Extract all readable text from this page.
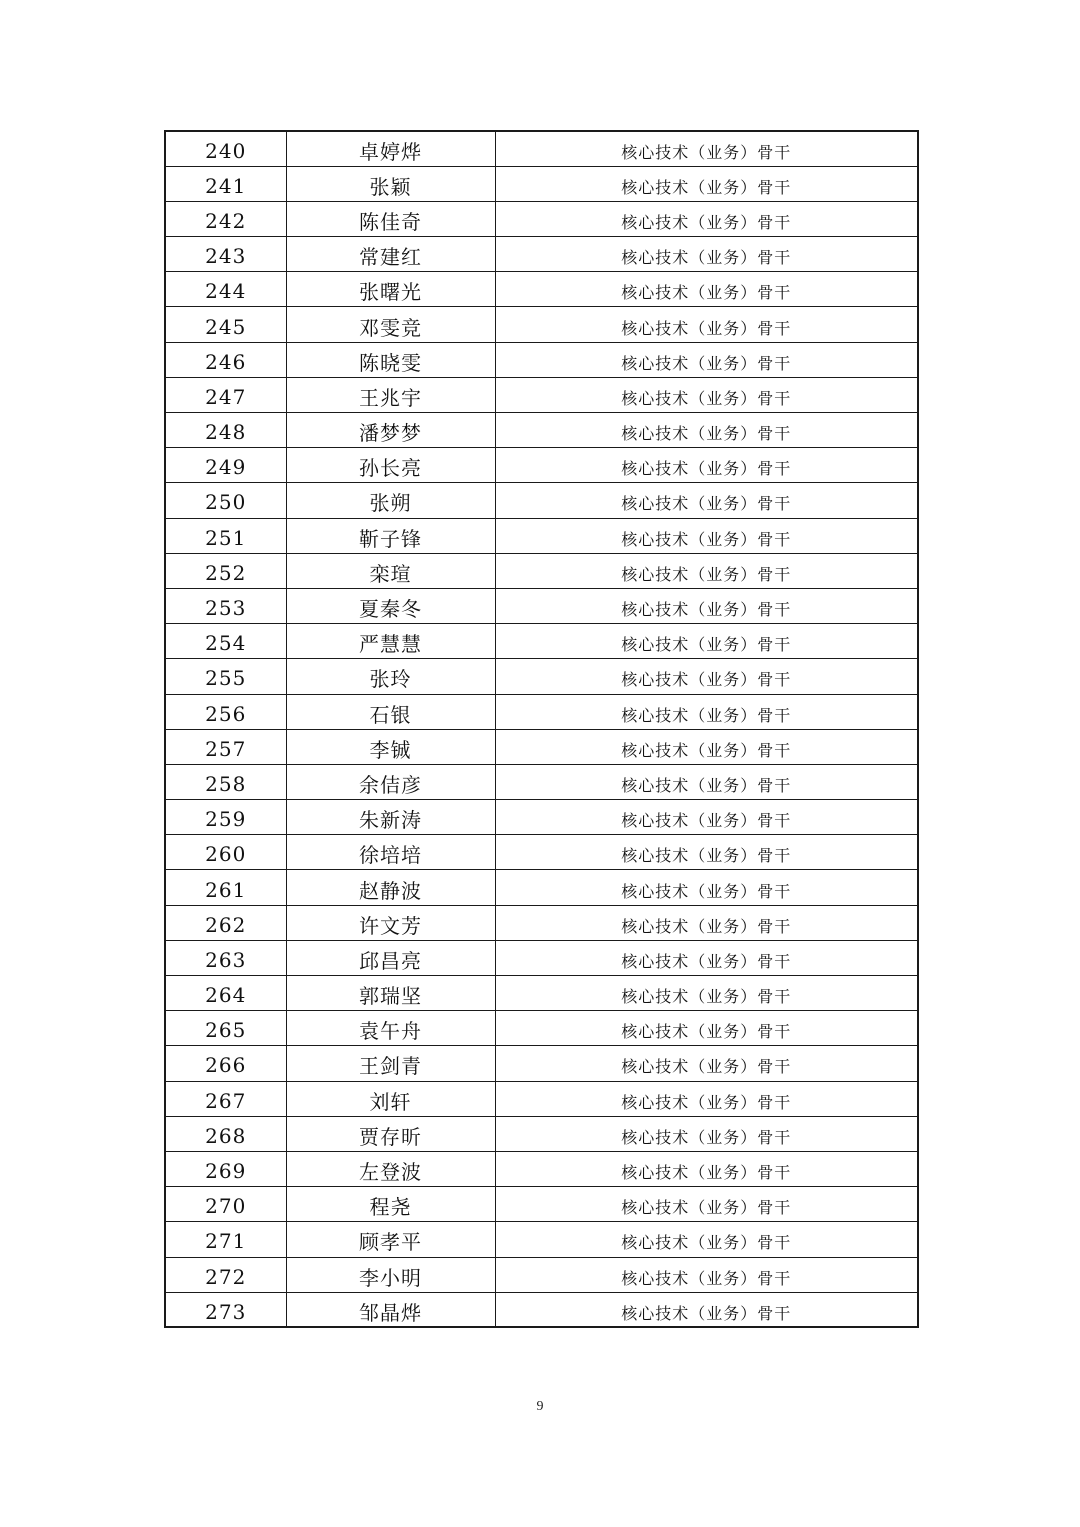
240	卓婷烨	核心技术（业务）骨干
241	张颖	核心技术（业务）骨干
242	陈佳奇	核心技术（业务）骨干
243	常建红	核心技术（业务）骨干
244	张曙光	核心技术（业务）骨干
245	邓雯竞	核心技术（业务）骨干
246	陈晓雯	核心技术（业务）骨干
247	王兆宇	核心技术（业务）骨干
248	潘梦梦	核心技术（业务）骨干
249	孙长亮	核心技术（业务）骨干
250	张朔	核心技术（业务）骨干
251	靳子锋	核心技术（业务）骨干
252	栾瑄	核心技术（业务）骨干
253	夏秦冬	核心技术（业务）骨干
254	严慧慧	核心技术（业务）骨干
255	张玲	核心技术（业务）骨干
256	石银	核心技术（业务）骨干
257	李铖	核心技术（业务）骨干
258	余佶彦	核心技术（业务）骨干
259	朱新涛	核心技术（业务）骨干
260	徐培培	核心技术（业务）骨干
261	赵静波	核心技术（业务）骨干
262	许文芳	核心技术（业务）骨干
263	邱昌亮	核心技术（业务）骨干
264	郭瑞坚	核心技术（业务）骨干
265	袁午舟	核心技术（业务）骨干
266	王剑青	核心技术（业务）骨干
267	刘轩	核心技术（业务）骨干
268	贾存昕	核心技术（业务）骨干
269	左登波	核心技术（业务）骨干
270	程尧	核心技术（业务）骨干
271	顾孝平	核心技术（业务）骨干
272	李小明	核心技术（业务）骨干
273	邹晶烨	核心技术（业务）骨干
9
